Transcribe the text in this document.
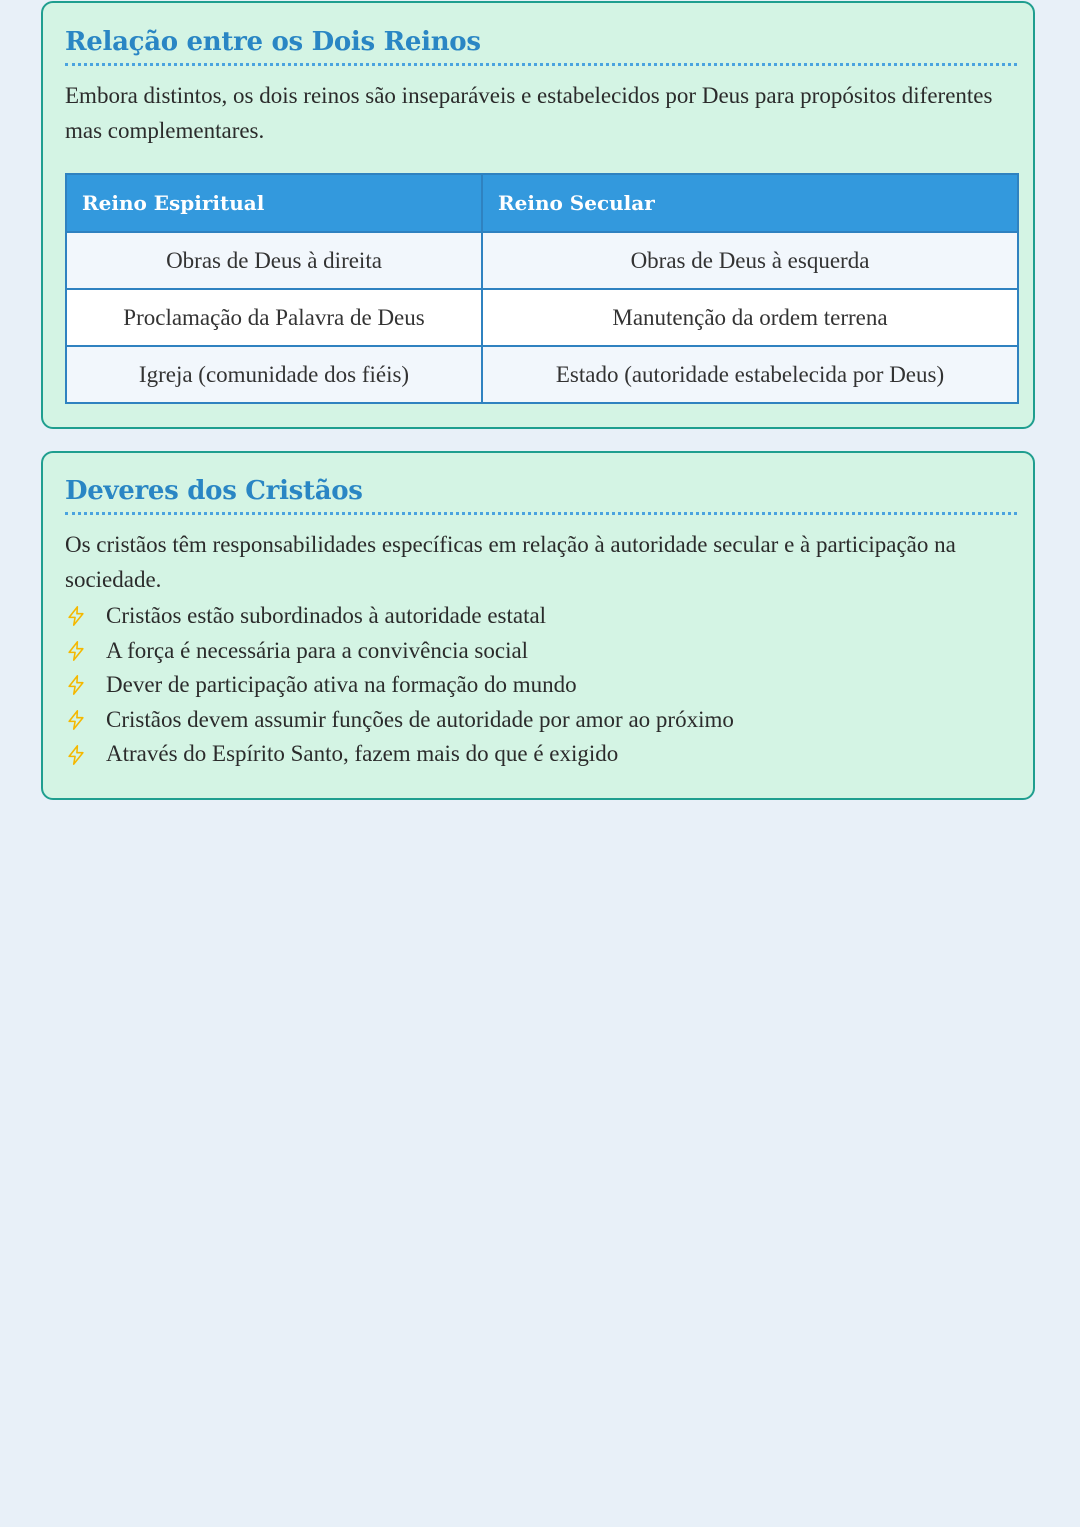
Relação entre os Dois Reinos

Embora distintos, os dois reinos são inseparáveis e estabelecidos por Deus para propósitos diferentes mas complementares.

Reino Espiritual	Reino Secular
Obras de Deus à direita	Obras de Deus à esquerda
Proclamação da Palavra de Deus	Manutenção da ordem terrena
Igreja (comunidade dos fiéis)	Estado (autoridade estabelecida por Deus)
Deveres dos Cristãos

Os cristãos têm responsabilidades específicas em relação à autoridade secular e à participação na sociedade.

Cristãos estão subordinados à autoridade estatal
A força é necessária para a convivência social
Dever de participação ativa na formação do mundo
Cristãos devem assumir funções de autoridade por amor ao próximo
Através do Espírito Santo, fazem mais do que é exigido
